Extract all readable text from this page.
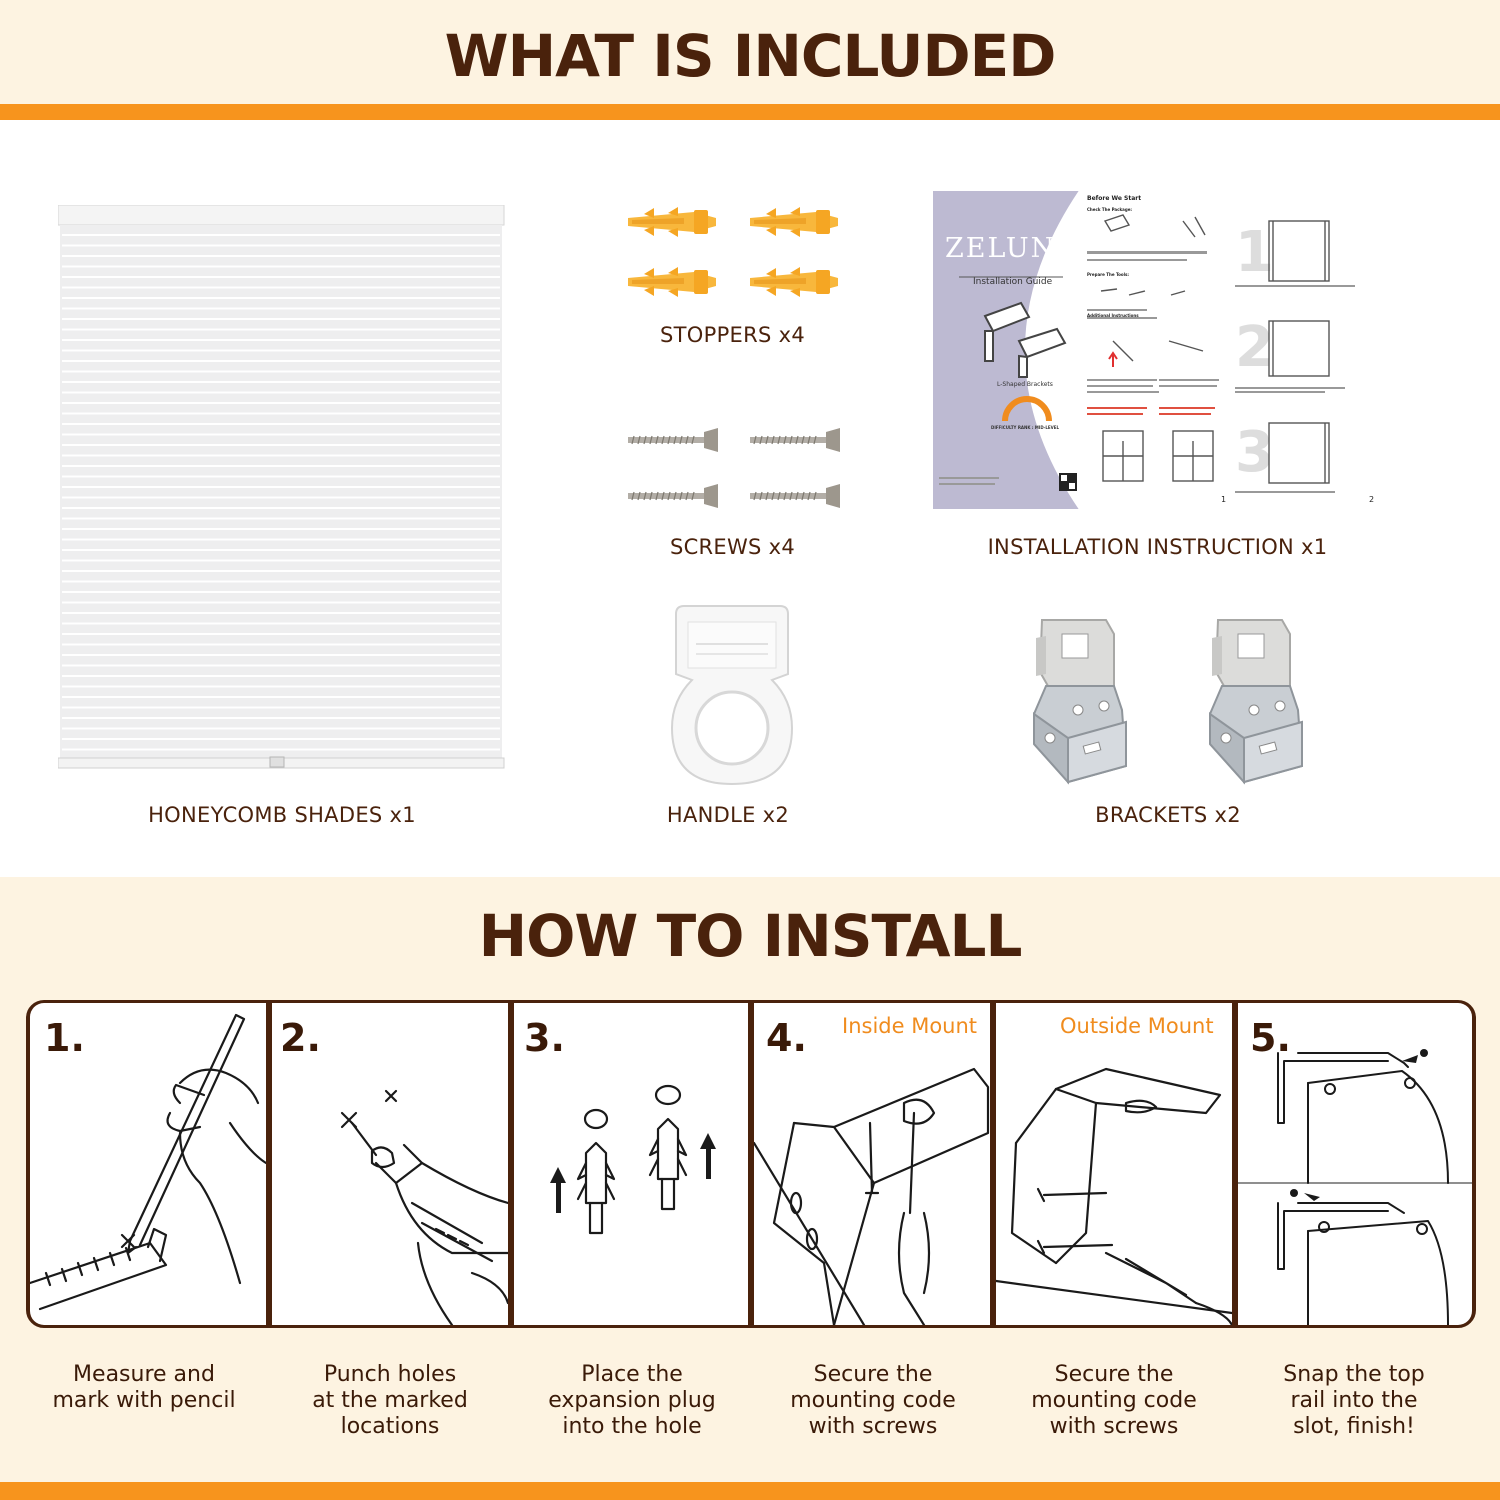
WHAT IS INCLUDED
HONEYCOMB SHADES x1
STOPPERS x4
SCREWS x4
1
2
3
ZELUNA
Installation Guide
L-Shaped Brackets
DIFFICULTY RANK : MID-LEVEL
Before We Start
Check The Package:
Prepare The Tools:
Additional Instructions
1	2
INSTALLATION INSTRUCTION x1
HANDLE x2	BRACKETS x2
HOW TO INSTALL
1.	2.	3.	4. Inside Mount	Outside Mount 5.
Measure and
mark with pencil
Punch holes
at the marked
locations
Place the
expansion plug
into the hole
Secure the
mounting code
with screws
Secure the
mounting code
with screws
Snap the top
rail into the
slot, finish!
